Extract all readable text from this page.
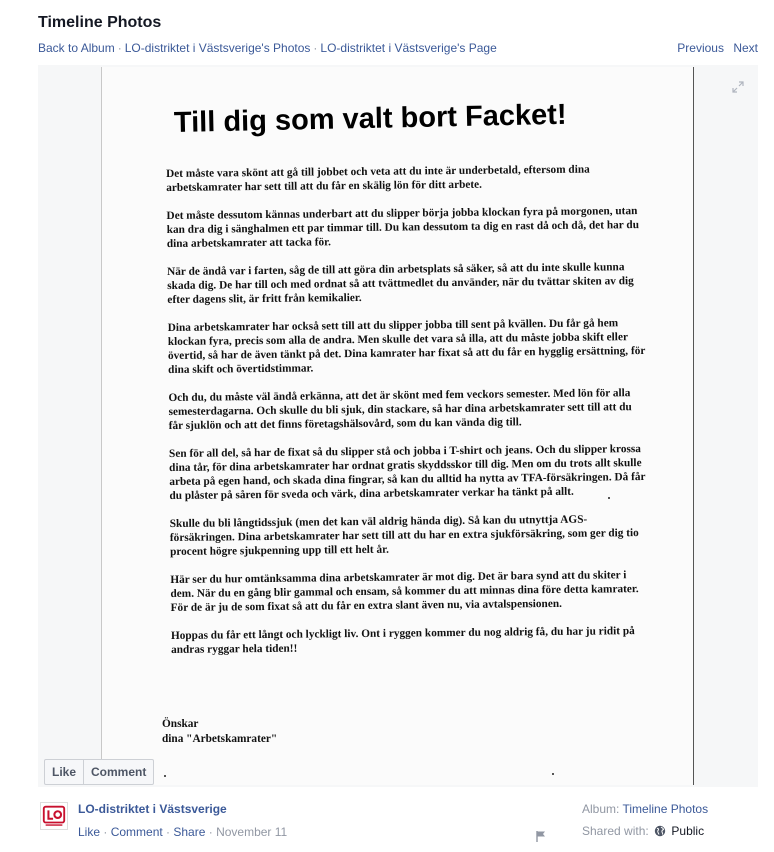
Timeline Photos
Back to Album · LO-distriktet i Västsverige's Photos · LO-distriktet i Västsverige's Page	Previous Next
Till dig som valt bort Facket!

Det måste vara skönt att gå till jobbet och veta att du inte är underbetald, eftersom dina arbetskamrater har sett till att du får en skälig lön för ditt arbete.

Det måste dessutom kännas underbart att du slipper börja jobba klockan fyra på morgonen, utan kan dra dig i sänghalmen ett par timmar till. Du kan dessutom ta dig en rast då och då, det har du dina arbetskamrater att tacka för.

När de ändå var i farten, såg de till att göra din arbetsplats så säker, så att du inte skulle kunna skada dig. De har till och med ordnat så att tvättmedlet du använder, när du tvättar skiten av dig efter dagens slit, är fritt från kemikalier.

Dina arbetskamrater har också sett till att du slipper jobba till sent på kvällen. Du får gå hem klockan fyra, precis som alla de andra. Men skulle det vara så illa, att du måste jobba skift eller övertid, så har de även tänkt på det. Dina kamrater har fixat så att du får en hygglig ersättning, för dina skift och övertidstimmar.

Och du, du måste väl ändå erkänna, att det är skönt med fem veckors semester. Med lön för alla semesterdagarna. Och skulle du bli sjuk, din stackare, så har dina arbetskamrater sett till att du får sjuklön och att det finns företagshälsovård, som du kan vända dig till.

Sen för all del, så har de fixat så du slipper stå och jobba i T-shirt och jeans. Och du slipper krossa dina tår, för dina arbetskamrater har ordnat gratis skyddsskor till dig. Men om du trots allt skulle arbeta på egen hand, och skada dina fingrar, så kan du alltid ha nytta av TFA-försäkringen. Då får du plåster på såren för sveda och värk, dina arbetskamrater verkar ha tänkt på allt.

Skulle du bli långtidssjuk (men det kan väl aldrig hända dig). Så kan du utnyttja AGS-försäkringen. Dina arbetskamrater har sett till att du har en extra sjukförsäkring, som ger dig tio procent högre sjukpenning upp till ett helt år.

Här ser du hur omtänksamma dina arbetskamrater är mot dig. Det är bara synd att du skiter i dem. När du en gång blir gammal och ensam, så kommer du att minnas dina före detta kamrater. För de är ju de som fixat så att du får en extra slant även nu, via avtalspensionen.

Hoppas du får ett långt och lyckligt liv. Ont i ryggen kommer du nog aldrig få, du har ju ridit på andras ryggar hela tiden!!

Önskar
dina "Arbetskamrater"
Like	Comment
LO-distriktet i Västsverige
Like · Comment · Share · November 11
Album: Timeline Photos
Shared with: Public
